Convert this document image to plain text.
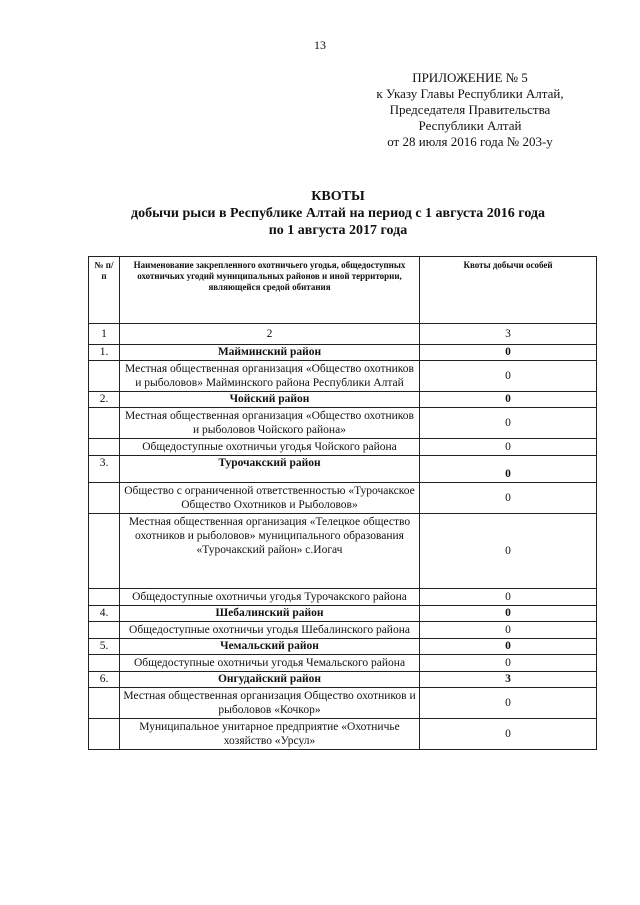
13
ПРИЛОЖЕНИЕ № 5
к Указу Главы Республики Алтай,
Председателя Правительства
Республики Алтай
от 28 июля 2016 года № 203-у
КВОТЫ
добычи рыси в Республике Алтай на период с 1 августа 2016 года
по 1 августа 2017 года
№ п/п	Наименование закрепленного охотничьего угодья, общедоступных охотничьих угодий муниципальных районов и иной территории, являющейся средой обитания	Квоты добычи особей
1	2	3
1.	Майминский район	0
	Местная общественная организация «Общество охотников и рыболовов» Майминского района Республики Алтай	0
2.	Чойский район	0
	Местная общественная организация «Общество охотников и рыболовов Чойского района»	0
	Общедоступные охотничьи угодья Чойского района	0
3.	Турочакский район	0
	Общество с ограниченной ответственностью «Турочакское Общество Охотников и Рыболовов»	0
	Местная общественная организация «Телецкое общество охотников и рыболовов» муниципального образования «Турочакский район» с.Иогач	0
	Общедоступные охотничьи угодья Турочакского района	0
4.	Шебалинский район	0
	Общедоступные охотничьи угодья Шебалинского района	0
5.	Чемальский район	0
	Общедоступные охотничьи угодья Чемальского района	0
6.	Онгудайский район	3
	Местная общественная организация Общество охотников и рыболовов «Кочкор»	0
	Муниципальное унитарное предприятие «Охотничье хозяйство «Урсул»	0
